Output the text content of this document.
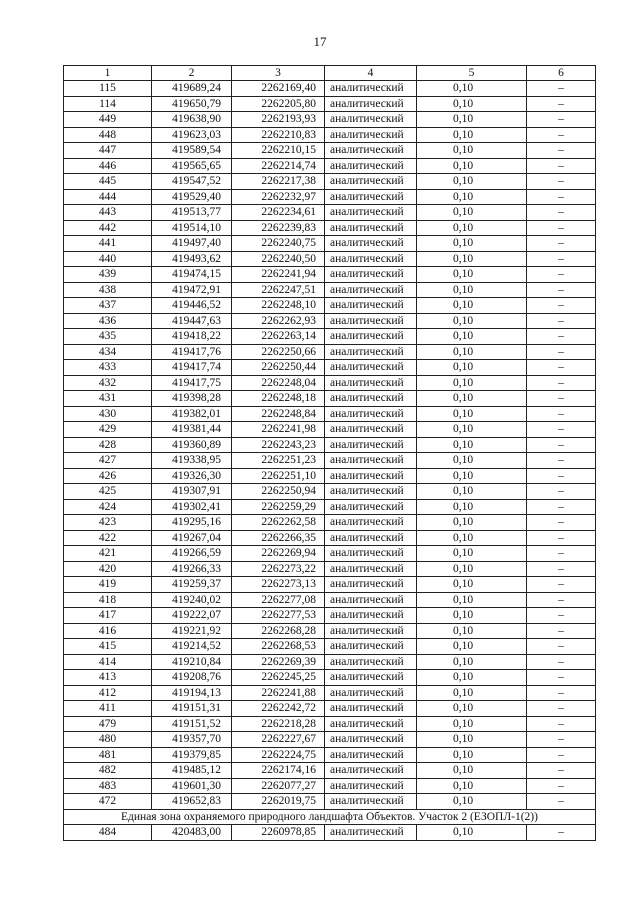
17
1	2	3	4	5	6
115	419689,24	2262169,40	аналитический	0,10	–
114	419650,79	2262205,80	аналитический	0,10	–
449	419638,90	2262193,93	аналитический	0,10	–
448	419623,03	2262210,83	аналитический	0,10	–
447	419589,54	2262210,15	аналитический	0,10	–
446	419565,65	2262214,74	аналитический	0,10	–
445	419547,52	2262217,38	аналитический	0,10	–
444	419529,40	2262232,97	аналитический	0,10	–
443	419513,77	2262234,61	аналитический	0,10	–
442	419514,10	2262239,83	аналитический	0,10	–
441	419497,40	2262240,75	аналитический	0,10	–
440	419493,62	2262240,50	аналитический	0,10	–
439	419474,15	2262241,94	аналитический	0,10	–
438	419472,91	2262247,51	аналитический	0,10	–
437	419446,52	2262248,10	аналитический	0,10	–
436	419447,63	2262262,93	аналитический	0,10	–
435	419418,22	2262263,14	аналитический	0,10	–
434	419417,76	2262250,66	аналитический	0,10	–
433	419417,74	2262250,44	аналитический	0,10	–
432	419417,75	2262248,04	аналитический	0,10	–
431	419398,28	2262248,18	аналитический	0,10	–
430	419382,01	2262248,84	аналитический	0,10	–
429	419381,44	2262241,98	аналитический	0,10	–
428	419360,89	2262243,23	аналитический	0,10	–
427	419338,95	2262251,23	аналитический	0,10	–
426	419326,30	2262251,10	аналитический	0,10	–
425	419307,91	2262250,94	аналитический	0,10	–
424	419302,41	2262259,29	аналитический	0,10	–
423	419295,16	2262262,58	аналитический	0,10	–
422	419267,04	2262266,35	аналитический	0,10	–
421	419266,59	2262269,94	аналитический	0,10	–
420	419266,33	2262273,22	аналитический	0,10	–
419	419259,37	2262273,13	аналитический	0,10	–
418	419240,02	2262277,08	аналитический	0,10	–
417	419222,07	2262277,53	аналитический	0,10	–
416	419221,92	2262268,28	аналитический	0,10	–
415	419214,52	2262268,53	аналитический	0,10	–
414	419210,84	2262269,39	аналитический	0,10	–
413	419208,76	2262245,25	аналитический	0,10	–
412	419194,13	2262241,88	аналитический	0,10	–
411	419151,31	2262242,72	аналитический	0,10	–
479	419151,52	2262218,28	аналитический	0,10	–
480	419357,70	2262227,67	аналитический	0,10	–
481	419379,85	2262224,75	аналитический	0,10	–
482	419485,12	2262174,16	аналитический	0,10	–
483	419601,30	2262077,27	аналитический	0,10	–
472	419652,83	2262019,75	аналитический	0,10	–
Единая зона охраняемого природного ландшафта Объектов. Участок 2 (ЕЗОПЛ-1(2))					
484	420483,00	2260978,85	аналитический	0,10	–
